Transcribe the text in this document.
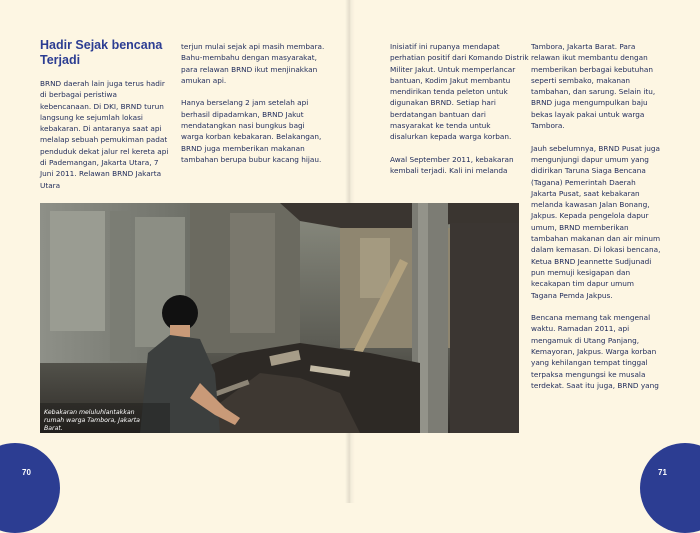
Hadir Sejak bencana Terjadi

BRND daerah lain juga terus hadir di berbagai peristiwa kebencanaan. Di DKI, BRND turun langsung ke sejumlah lokasi kebakaran. Di antaranya saat api melalap sebuah pemukiman padat penduduk dekat jalur rel kereta api di Pademangan, Jakarta Utara, 7 Juni 2011. Relawan BRND Jakarta Utara

terjun mulai sejak api masih membara. Bahu-membahu dengan masyarakat, para relawan BRND ikut menjinakkan amukan api.

Hanya berselang 2 jam setelah api berhasil dipadamkan, BRND Jakut mendatangkan nasi bungkus bagi warga korban kebakaran. Belakangan, BRND juga memberikan makanan tambahan berupa bubur kacang hijau.

Inisiatif ini rupanya mendapat perhatian positif dari Komando Distrik Militer Jakut. Untuk memperlancar bantuan, Kodim Jakut membantu mendirikan tenda peleton untuk digunakan BRND. Setiap hari berdatangan bantuan dari masyarakat ke tenda untuk disalurkan kepada warga korban.

Awal September 2011, kebakaran kembali terjadi. Kali ini melanda

Tambora, Jakarta Barat. Para relawan ikut membantu dengan memberikan berbagai kebutuhan seperti sembako, makanan tambahan, dan sarung. Selain itu, BRND juga mengumpulkan baju bekas layak pakai untuk warga Tambora.

Jauh sebelumnya, BRND Pusat juga mengunjungi dapur umum yang didirikan Taruna Siaga Bencana (Tagana) Pemerintah Daerah Jakarta Pusat, saat kebakaran melanda kawasan Jalan Bonang, Jakpus. Kepada pengelola dapur umum, BRND memberikan tambahan makanan dan air minum dalam kemasan. Di lokasi bencana, Ketua BRND Jeannette Sudjunadi pun memuji kesigapan dan kecakapan tim dapur umum Tagana Pemda Jakpus.

Bencana memang tak mengenal waktu. Ramadan 2011, api mengamuk di Utang Panjang, Kemayoran, Jakpus. Warga korban yang kehilangan tempat tinggal terpaksa mengungsi ke musala terdekat. Saat itu juga, BRND yang

Kebakaran meluluhlantakkan rumah warga Tambora, Jakarta Barat.
70	71
